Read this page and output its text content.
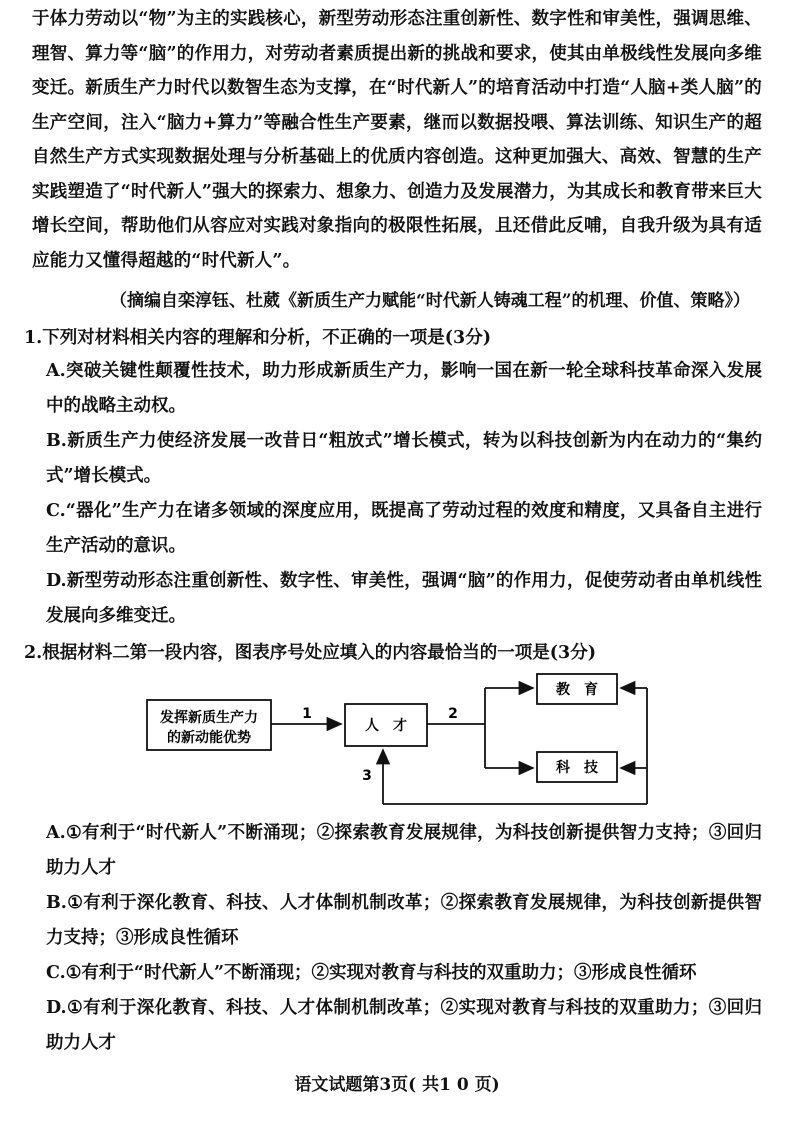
于体力劳动以“物”为主的实践核心，新型劳动形态注重创新性、数字性和审美性，强调思维、理智、算力等“脑”的作用力，对劳动者素质提出新的挑战和要求，使其由单极线性发展向多维变迁。新质生产力时代以数智生态为支撑，在“时代新人”的培育活动中打造“人脑+类人脑”的生产空间，注入“脑力+算力”等融合性生产要素，继而以数据投喂、算法训练、知识生产的超自然生产方式实现数据处理与分析基础上的优质内容创造。这种更加强大、高效、智慧的生产实践塑造了“时代新人”强大的探索力、想象力、创造力及发展潜力，为其成长和教育带来巨大增长空间，帮助他们从容应对实践对象指向的极限性拓展，且还借此反哺，自我升级为具有适应能力又懂得超越的“时代新人”。

（摘编自栾淳钰、杜葳《新质生产力赋能“时代新人铸魂工程”的机理、价值、策略》）

1.下列对材料相关内容的理解和分析，不正确的一项是(3分)

A.突破关键性颠覆性技术，助力形成新质生产力，影响一国在新一轮全球科技革命深入发展中的战略主动权。

B.新质生产力使经济发展一改昔日“粗放式”增长模式，转为以科技创新为内在动力的“集约式”增长模式。

C.“器化”生产力在诸多领域的深度应用，既提高了劳动过程的效度和精度，又具备自主进行生产活动的意识。

D.新型劳动形态注重创新性、数字性、审美性，强调“脑”的作用力，促使劳动者由单机线性发展向多维变迁。

2.根据材料二第一段内容，图表序号处应填入的内容最恰当的一项是(3分)

发挥新质生产力
的新动能优势
1
人　才
2
教　育
科　技
3

A.①有利于“时代新人”不断涌现；②探索教育发展规律，为科技创新提供智力支持；③回归助力人才

B.①有利于深化教育、科技、人才体制机制改革；②探索教育发展规律，为科技创新提供智力支持；③形成良性循环

C.①有利于“时代新人”不断涌现；②实现对教育与科技的双重助力；③形成良性循环

D.①有利于深化教育、科技、人才体制机制改革；②实现对教育与科技的双重助力；③回归助力人才

语文试题第3页( 共1 0 页)
